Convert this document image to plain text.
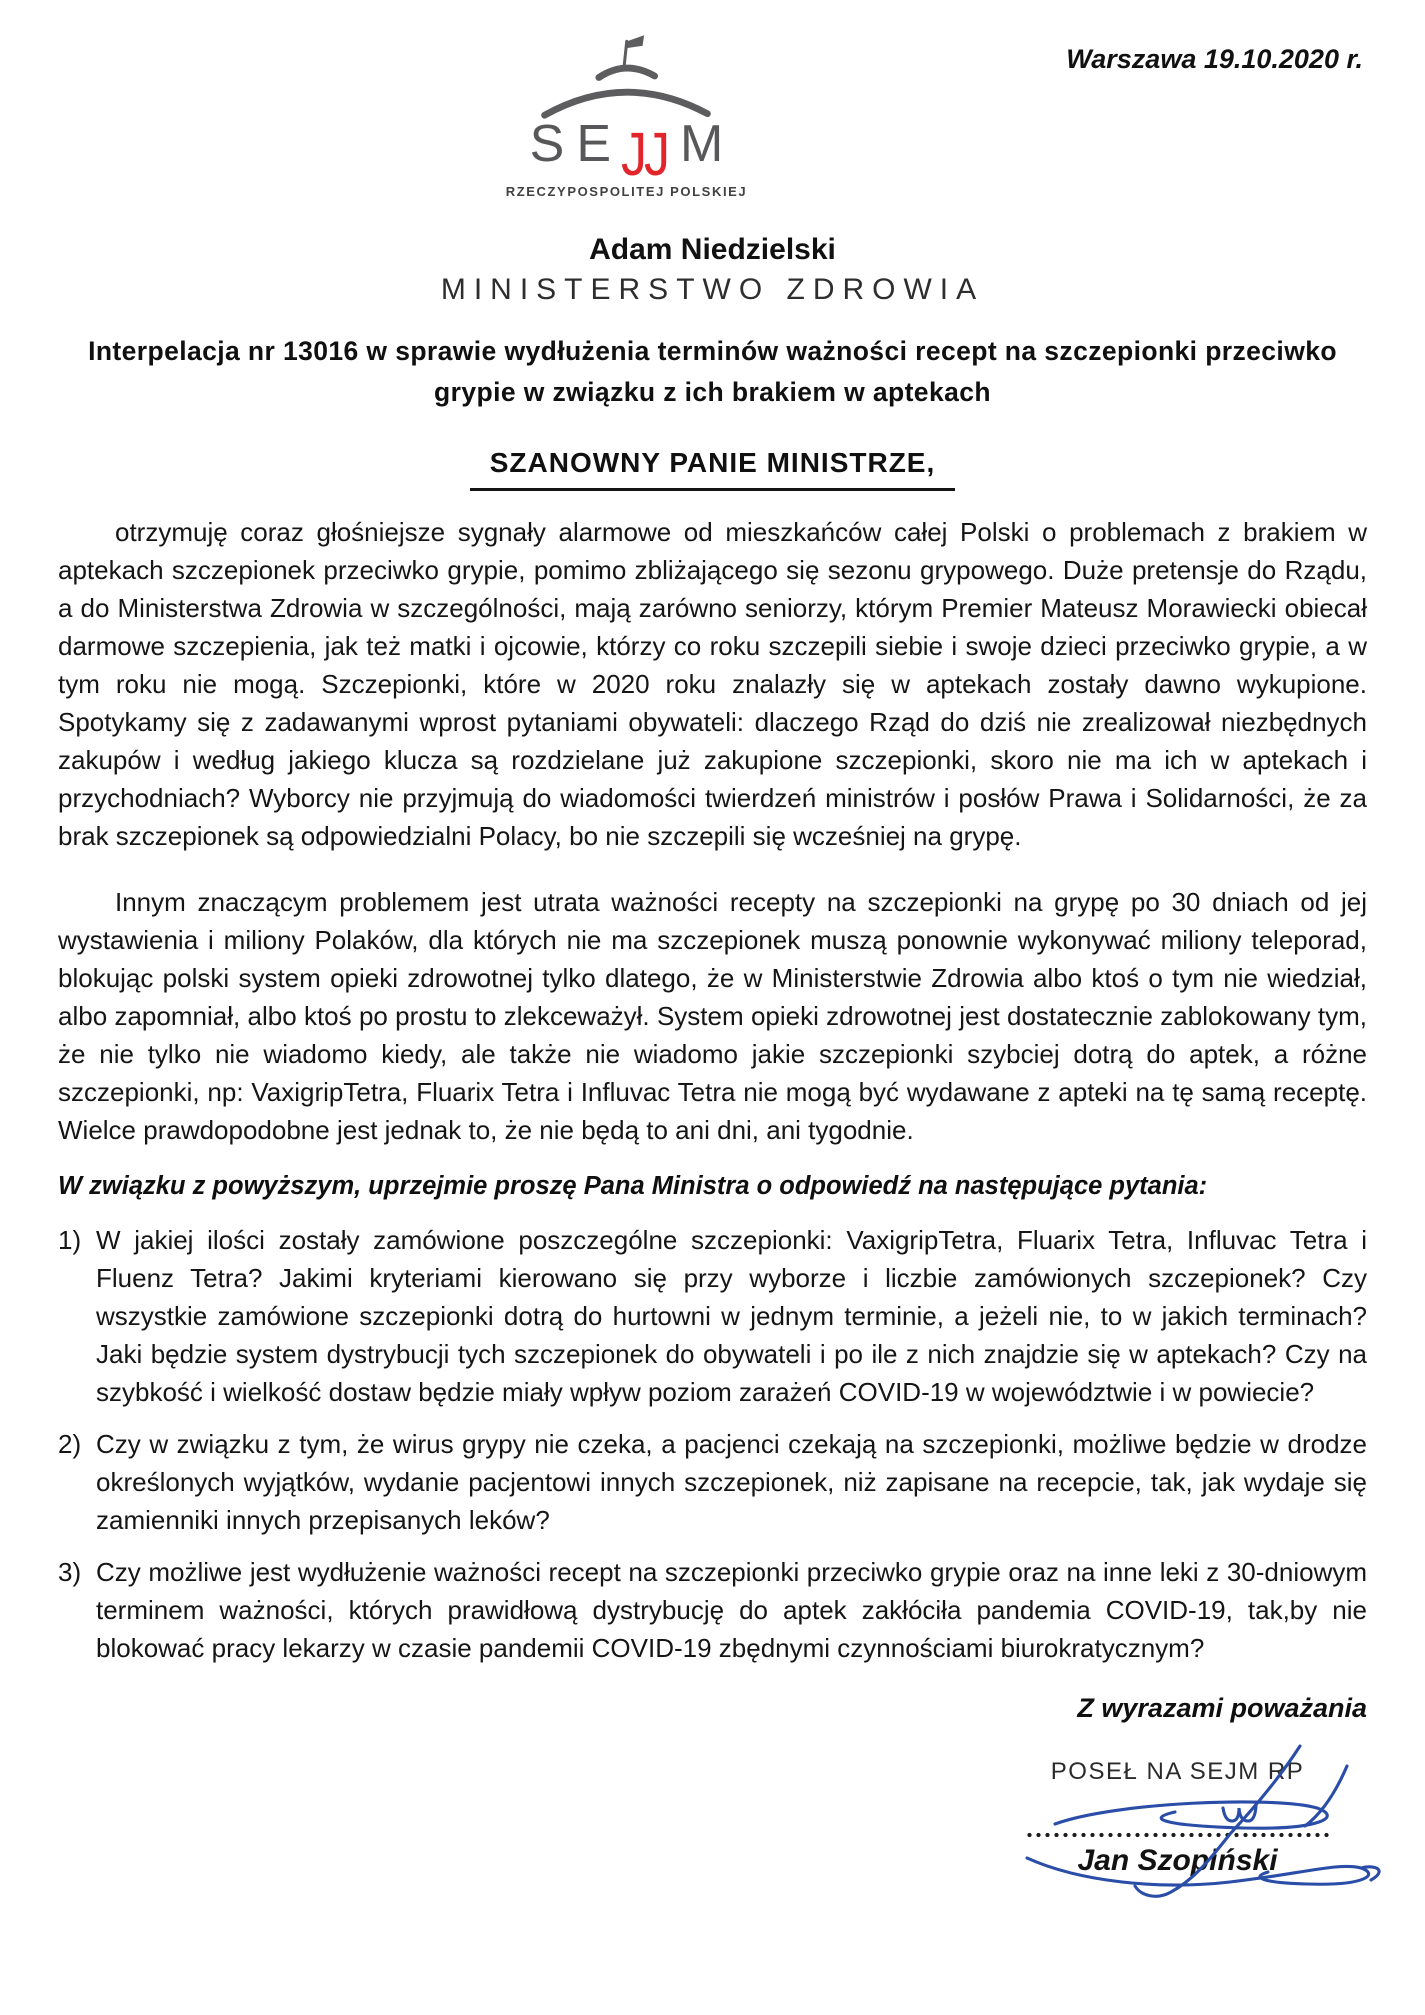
Warszawa 19.10.2020 r.
S E J
J M
RZECZYPOSPOLITEJ POLSKIEJ
Adam Niedzielski
MINISTERSTWO ZDROWIA
Interpelacja nr 13016 w sprawie wydłużenia terminów ważności recept na szczepionki przeciwko grypie w związku z ich brakiem w aptekach
SZANOWNY PANIE MINISTRZE,

otrzymuję coraz głośniejsze sygnały alarmowe od mieszkańców całej Polski o problemach z brakiem w aptekach szczepionek przeciwko grypie, pomimo zbliżającego się sezonu grypowego. Duże pretensje do Rządu, a do Ministerstwa Zdrowia w szczególności, mają zarówno seniorzy, którym Premier Mateusz Morawiecki obiecał darmowe szczepienia, jak też matki i ojcowie, którzy co roku szczepili siebie i swoje dzieci przeciwko grypie, a w tym roku nie mogą. Szczepionki, które w 2020 roku znalazły się w aptekach zostały dawno wykupione. Spotykamy się z zadawanymi wprost pytaniami obywateli: dlaczego Rząd do dziś nie zrealizował niezbędnych zakupów i według jakiego klucza są rozdzielane już zakupione szczepionki, skoro nie ma ich w aptekach i przychodniach? Wyborcy nie przyjmują do wiadomości twierdzeń ministrów i posłów Prawa i Solidarności, że za brak szczepionek są odpowiedzialni Polacy, bo nie szczepili się wcześniej na grypę.

Innym znaczącym problemem jest utrata ważności recepty na szczepionki na grypę po 30 dniach od jej wystawienia i miliony Polaków, dla których nie ma szczepionek muszą ponownie wykonywać miliony teleporad, blokując polski system opieki zdrowotnej tylko dlatego, że w Ministerstwie Zdrowia albo ktoś o tym nie wiedział, albo zapomniał, albo ktoś po prostu to zlekceważył. System opieki zdrowotnej jest dostatecznie zablokowany tym, że nie tylko nie wiadomo kiedy, ale także nie wiadomo jakie szczepionki szybciej dotrą do aptek, a różne szczepionki, np: VaxigripTetra, Fluarix Tetra i Influvac Tetra nie mogą być wydawane z apteki na tę samą receptę. Wielce prawdopodobne jest jednak to, że nie będą to ani dni, ani tygodnie.

W związku z powyższym, uprzejmie proszę Pana Ministra o odpowiedź na następujące pytania:
1) W jakiej ilości zostały zamówione poszczególne szczepionki: VaxigripTetra, Fluarix Tetra, Influvac Tetra i Fluenz Tetra? Jakimi kryteriami kierowano się przy wyborze i liczbie zamówionych szczepionek? Czy wszystkie zamówione szczepionki dotrą do hurtowni w jednym terminie, a jeżeli nie, to w jakich terminach? Jaki będzie system dystrybucji tych szczepionek do obywateli i po ile z nich znajdzie się w aptekach? Czy na szybkość i wielkość dostaw będzie miały wpływ poziom zarażeń COVID-19 w województwie i w powiecie?
2) Czy w związku z tym, że wirus grypy nie czeka, a pacjenci czekają na szczepionki, możliwe będzie w drodze określonych wyjątków, wydanie pacjentowi innych szczepionek, niż zapisane na recepcie, tak, jak wydaje się zamienniki innych przepisanych leków?
3) Czy możliwe jest wydłużenie ważności recept na szczepionki przeciwko grypie oraz na inne leki z 30-dniowym terminem ważności, których prawidłową dystrybucję do aptek zakłóciła pandemia COVID-19, tak,by nie blokować pracy lekarzy w czasie pandemii COVID-19 zbędnymi czynnościami biurokratycznym?
Z wyrazami poważania
POSEŁ NA SEJM RP
Jan Szopiński
